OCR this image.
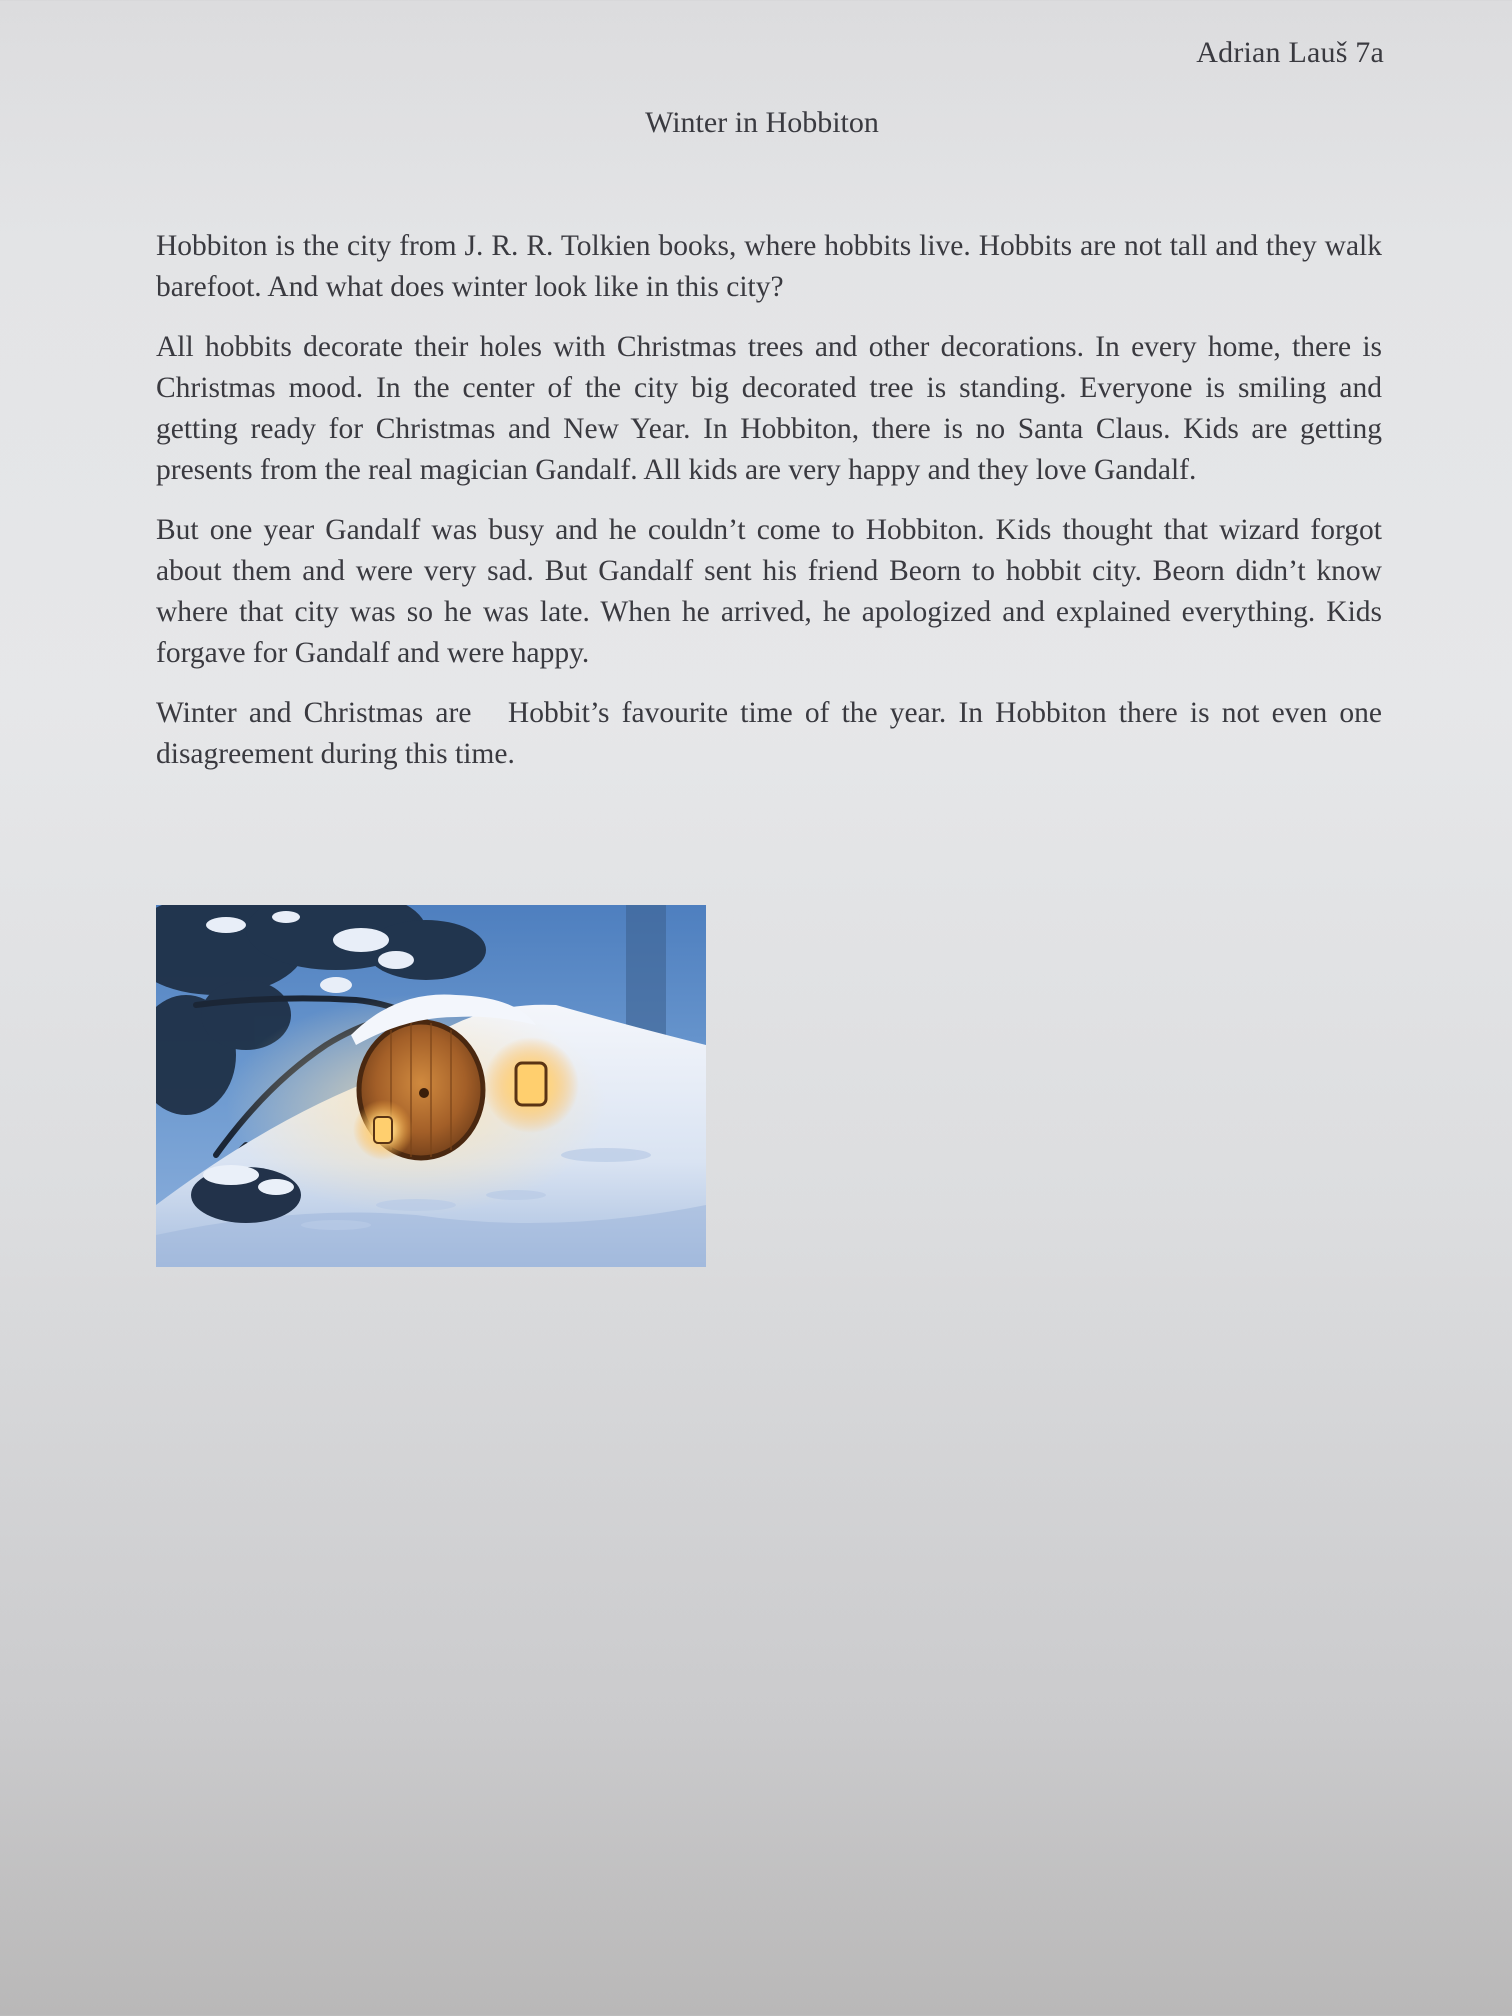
Adrian Lauš 7a
Winter in Hobbiton

Hobbiton is the city from J. R. R. Tolkien books, where hobbits live. Hobbits are not tall and they walk barefoot. And what does winter look like in this city?

All hobbits decorate their holes with Christmas trees and other decorations. In every home, there is Christmas mood. In the center of the city big decorated tree is standing. Everyone is smiling and getting ready for Christmas and New Year. In Hobbiton, there is no Santa Claus. Kids are getting presents from the real magician Gandalf. All kids are very happy and they love Gandalf.

But one year Gandalf was busy and he couldn’t come to Hobbiton. Kids thought that wizard forgot about them and were very sad. But Gandalf sent his friend Beorn to hobbit city. Beorn didn’t know where that city was so he was late. When he arrived, he apologized and explained everything. Kids forgave for Gandalf and were happy.

Winter and Christmas are   Hobbit’s favourite time of the year. In Hobbiton there is not even one disagreement during this time.
